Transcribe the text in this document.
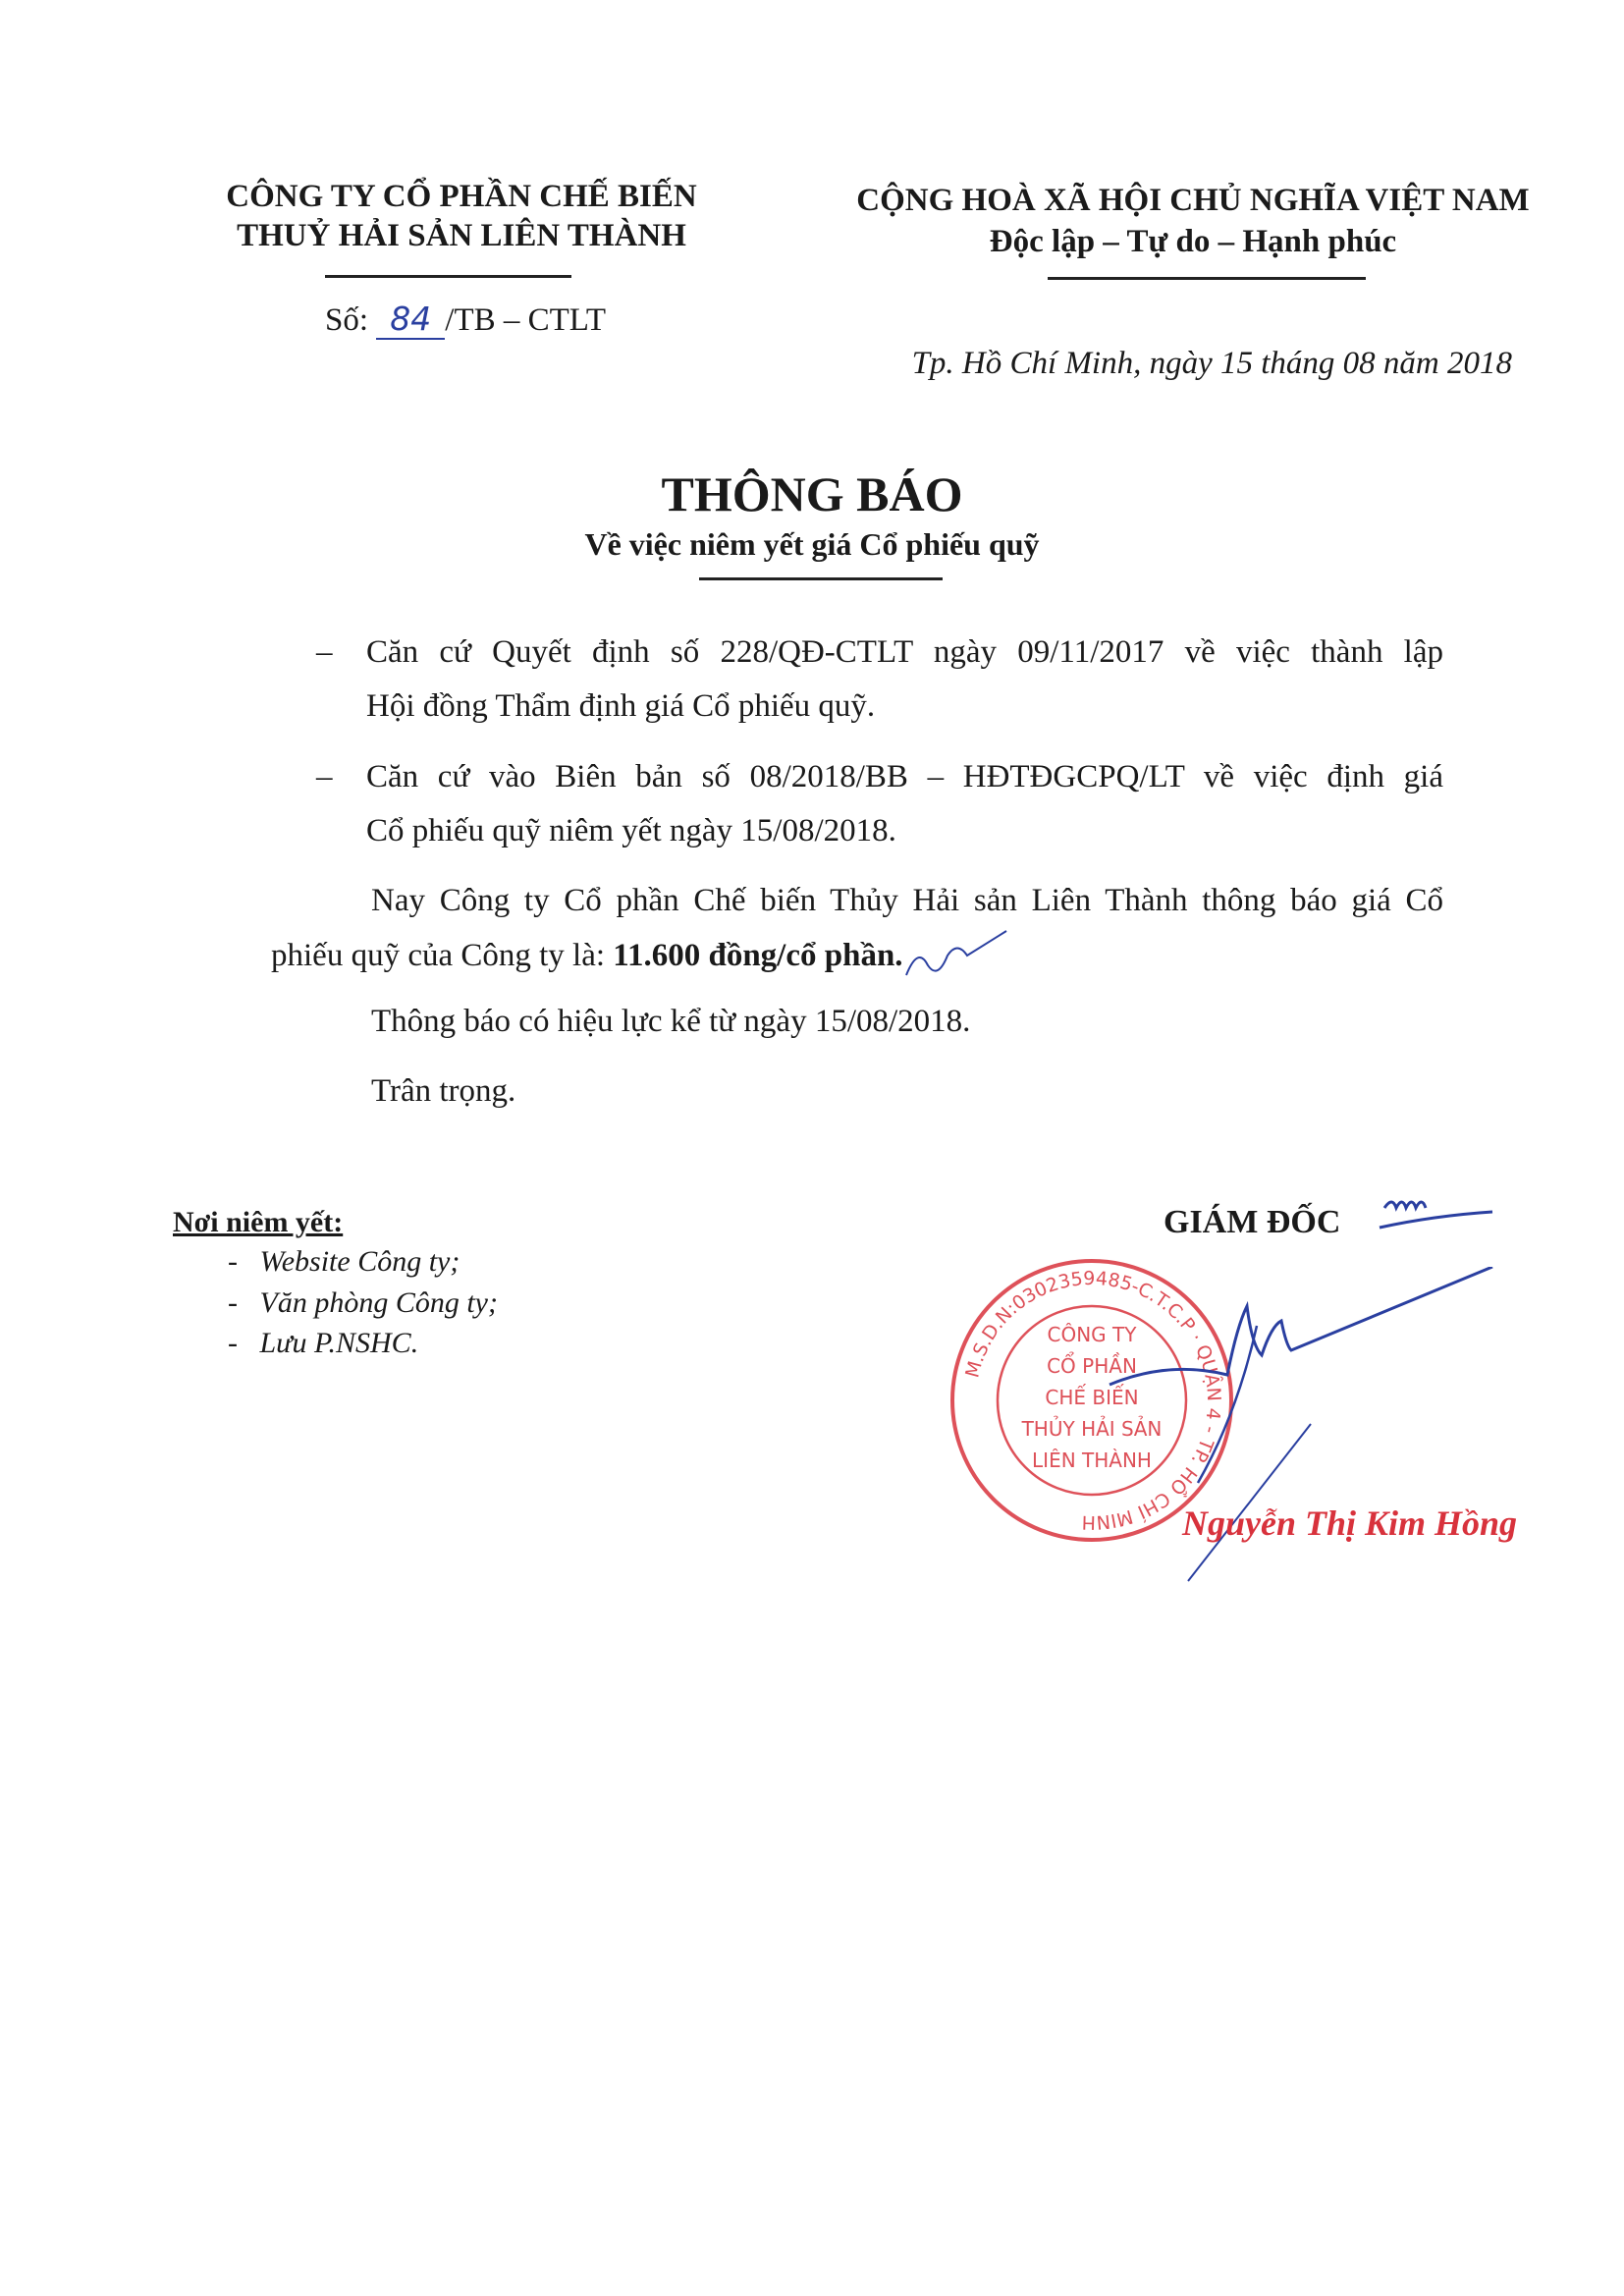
CÔNG TY CỔ PHẦN CHẾ BIẾN
THUỶ HẢI SẢN LIÊN THÀNH
Số: 84 /TB – CTLT
CỘNG HOÀ XÃ HỘI CHỦ NGHĨA VIỆT NAM
Độc lập – Tự do – Hạnh phúc
Tp. Hồ Chí Minh, ngày 15 tháng 08 năm 2018
THÔNG BÁO
Về việc niêm yết giá Cổ phiếu quỹ
– Căn cứ Quyết định số 228/QĐ-CTLT ngày 09/11/2017 về việc thành lập
Hội đồng Thẩm định giá Cổ phiếu quỹ.
– Căn cứ vào Biên bản số 08/2018/BB – HĐTĐGCPQ/LT về việc định giá
Cổ phiếu quỹ niêm yết ngày 15/08/2018.
Nay Công ty Cổ phần Chế biến Thủy Hải sản Liên Thành thông báo giá Cổ
phiếu quỹ của Công ty là: 11.600 đồng/cổ phần.
Thông báo có hiệu lực kể từ ngày 15/08/2018.
Trân trọng.
Nơi niêm yết:
-   Website Công ty;
-   Văn phòng Công ty;
-   Lưu P.NSHC.
GIÁM ĐỐC
M.S.D.N:0302359485-C.T.C.P · QUẬN 4 - TP. HỒ CHÍ MINH
CÔNG TY
CỔ PHẦN
CHẾ BIẾN
THỦY HẢI SẢN
LIÊN THÀNH
Nguyễn Thị Kim Hồng
